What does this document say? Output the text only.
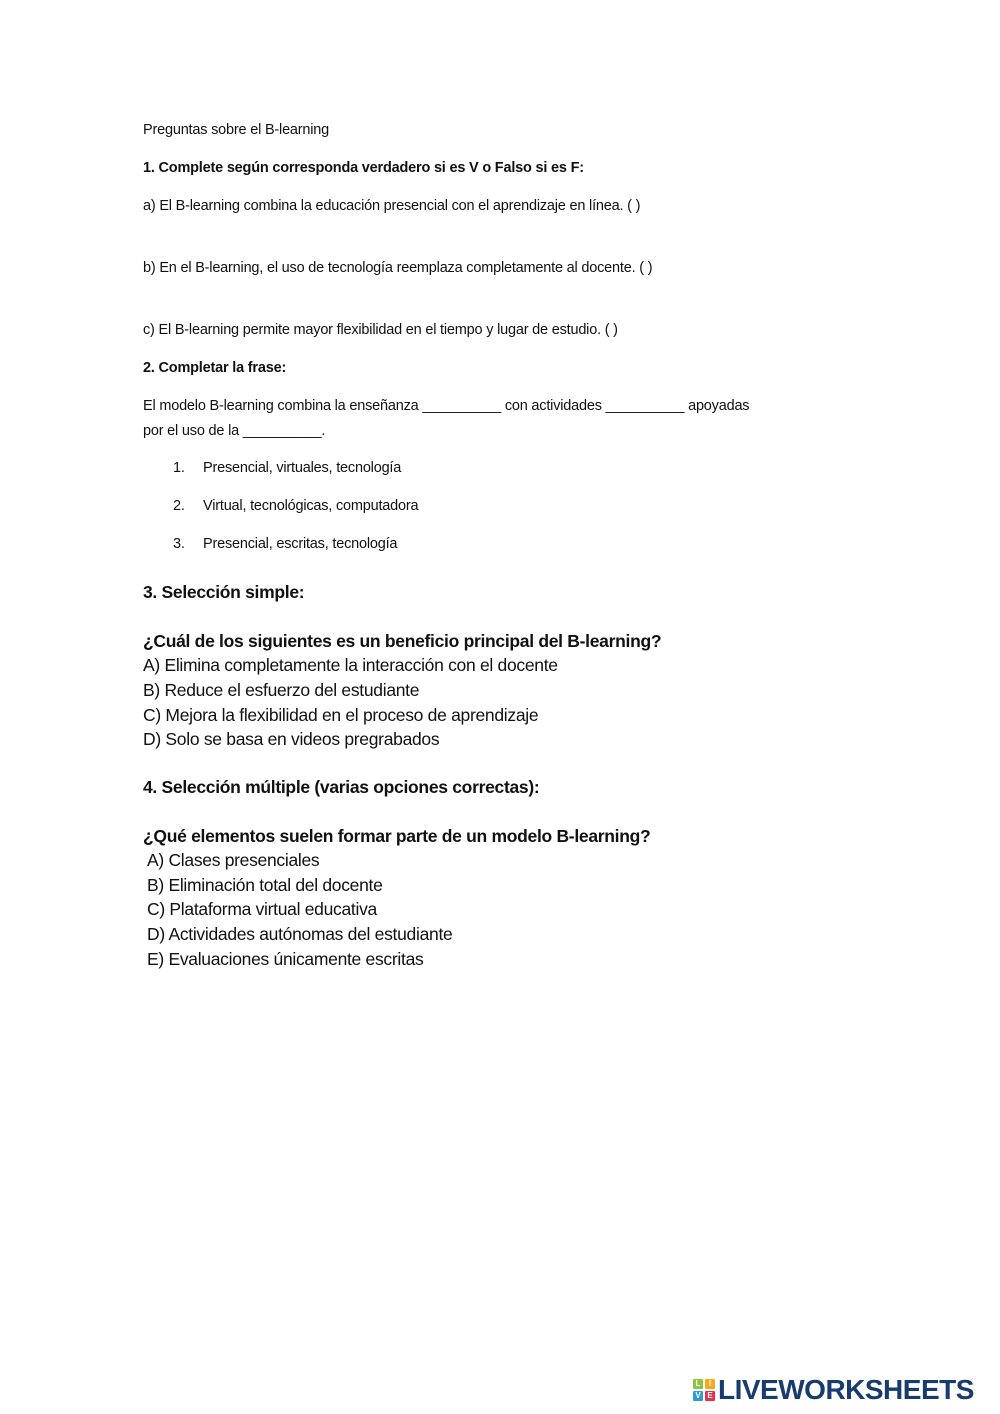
Preguntas sobre el B-learning
1. Complete según corresponda verdadero si es V o Falso si es F:
a) El B-learning combina la educación presencial con el aprendizaje en línea. ( )
b) En el B-learning, el uso de tecnología reemplaza completamente al docente. ( )
c) El B-learning permite mayor flexibilidad en el tiempo y lugar de estudio. ( )
2. Completar la frase:
El modelo B-learning combina la enseñanza __________ con actividades __________ apoyadas
por el uso de la __________.
1. Presencial, virtuales, tecnología
2. Virtual, tecnológicas, computadora
3. Presencial, escritas, tecnología
3. Selección simple:
¿Cuál de los siguientes es un beneficio principal del B-learning?
A) Elimina completamente la interacción con el docente
B) Reduce el esfuerzo del estudiante
C) Mejora la flexibilidad en el proceso de aprendizaje
D) Solo se basa en videos pregrabados
4. Selección múltiple (varias opciones correctas):
¿Qué elementos suelen formar parte de un modelo B-learning?
A) Clases presenciales
B) Eliminación total del docente
C) Plataforma virtual educativa
D) Actividades autónomas del estudiante
E) Evaluaciones únicamente escritas
L	I
V E LIVEWORKSHEETS
